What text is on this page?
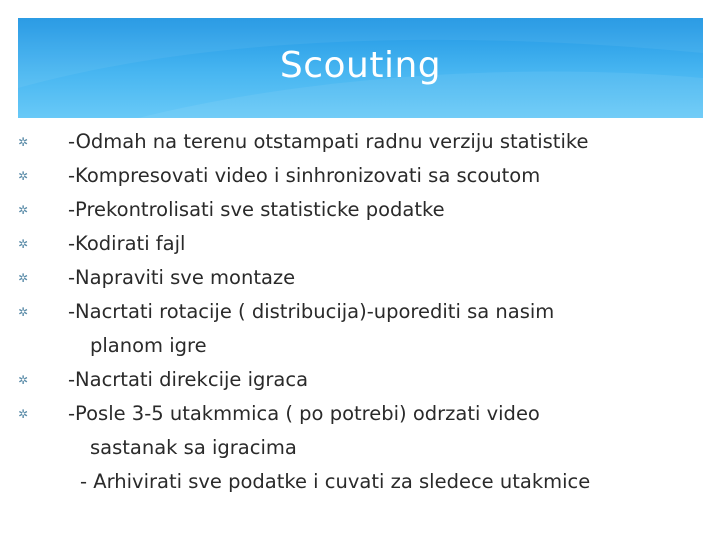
Scouting
✲ -Odmah na terenu otstampati radnu verziju statistike
✲ -Kompresovati video i sinhronizovati sa scoutom
✲ -Prekontrolisati sve statisticke podatke
✲ -Kodirati fajl
✲ -Napraviti sve montaze
✲ -Nacrtati rotacije ( distribucija)-uporediti sa nasim
planom igre
✲ -Nacrtati direkcije igraca
✲ -Posle 3-5 utakmmica ( po potrebi) odrzati video
sastanak sa igracima
- Arhivirati sve podatke i cuvati za sledece utakmice
